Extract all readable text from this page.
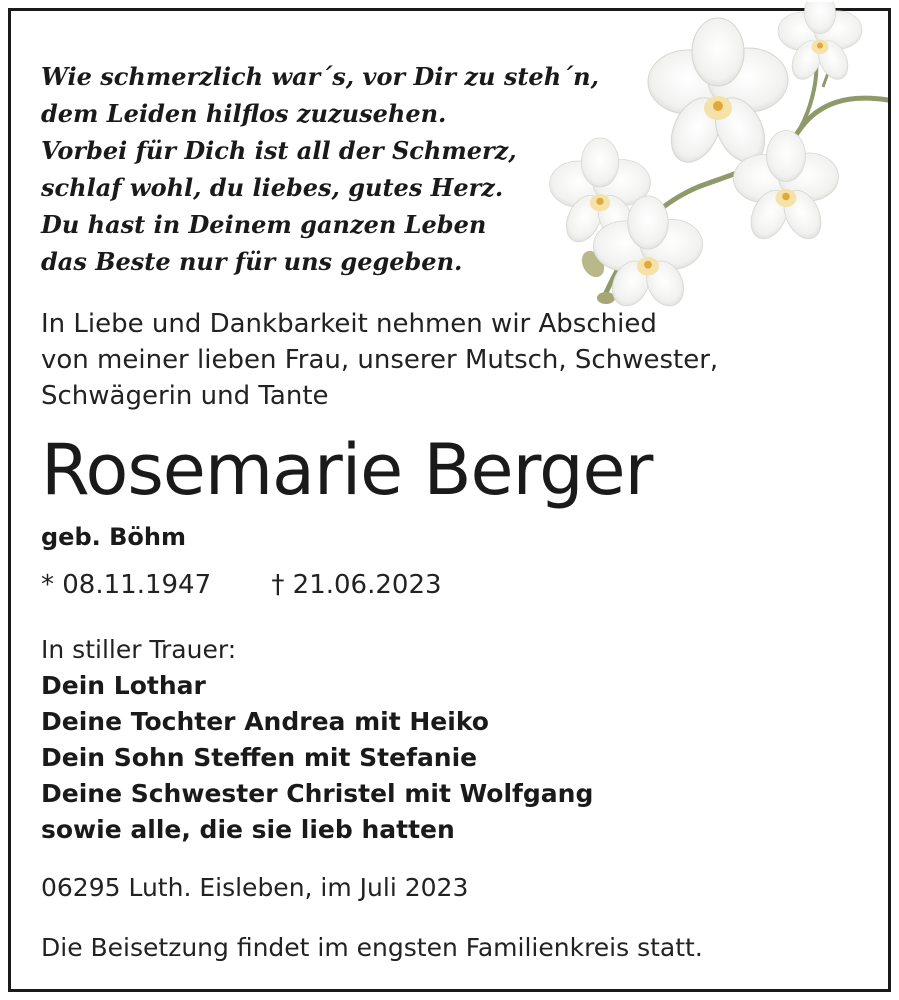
Wie schmerzlich war´s, vor Dir zu steh´n,
dem Leiden hilflos zuzusehen.
Vorbei für Dich ist all der Schmerz,
schlaf wohl, du liebes, gutes Herz.
Du hast in Deinem ganzen Leben
das Beste nur für uns gegeben.
In Liebe und Dankbarkeit nehmen wir Abschied
von meiner lieben Frau, unserer Mutsch, Schwester,
Schwägerin und Tante
Rosemarie Berger
geb. Böhm
* 08.11.1947 † 21.06.2023
In stiller Trauer:
Dein Lothar
Deine Tochter Andrea mit Heiko
Dein Sohn Steffen mit Stefanie
Deine Schwester Christel mit Wolfgang
sowie alle, die sie lieb hatten
06295 Luth. Eisleben, im Juli 2023
Die Beisetzung findet im engsten Familienkreis statt.
